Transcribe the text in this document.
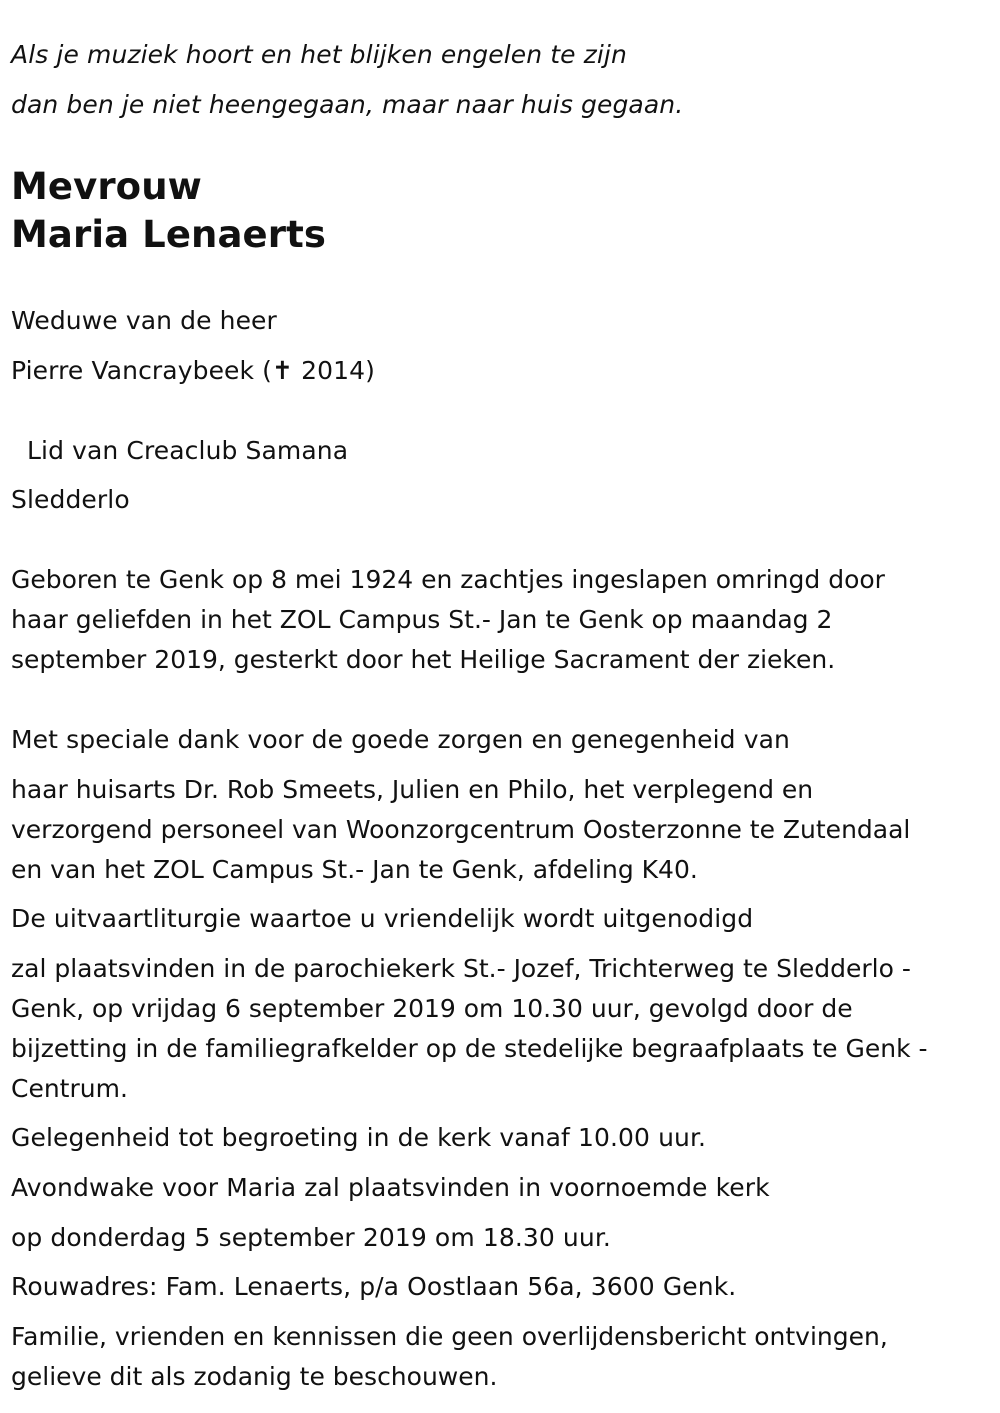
Als je muziek hoort en het blijken engelen te zijn

dan ben je niet heengegaan, maar naar huis gegaan.

Mevrouw

Maria Lenaerts

Weduwe van de heer

Pierre Vancraybeek (✝ 2014)

Lid van Creaclub Samana

Sledderlo

Geboren te Genk op 8 mei 1924 en zachtjes ingeslapen omringd door
haar geliefden in het ZOL Campus St.- Jan te Genk op maandag 2
september 2019, gesterkt door het Heilige Sacrament der zieken.

Met speciale dank voor de goede zorgen en genegenheid van

haar huisarts Dr. Rob Smeets, Julien en Philo, het verplegend en
verzorgend personeel van Woonzorgcentrum Oosterzonne te Zutendaal
en van het ZOL Campus St.- Jan te Genk, afdeling K40.

De uitvaartliturgie waartoe u vriendelijk wordt uitgenodigd

zal plaatsvinden in de parochiekerk St.- Jozef, Trichterweg te Sledderlo -
Genk, op vrijdag 6 september 2019 om 10.30 uur, gevolgd door de
bijzetting in de familiegrafkelder op de stedelijke begraafplaats te Genk -
Centrum.

Gelegenheid tot begroeting in de kerk vanaf 10.00 uur.

Avondwake voor Maria zal plaatsvinden in voornoemde kerk

op donderdag 5 september 2019 om 18.30 uur.

Rouwadres: Fam. Lenaerts, p/a Oostlaan 56a, 3600 Genk.

Familie, vrienden en kennissen die geen overlijdensbericht ontvingen,
gelieve dit als zodanig te beschouwen.
